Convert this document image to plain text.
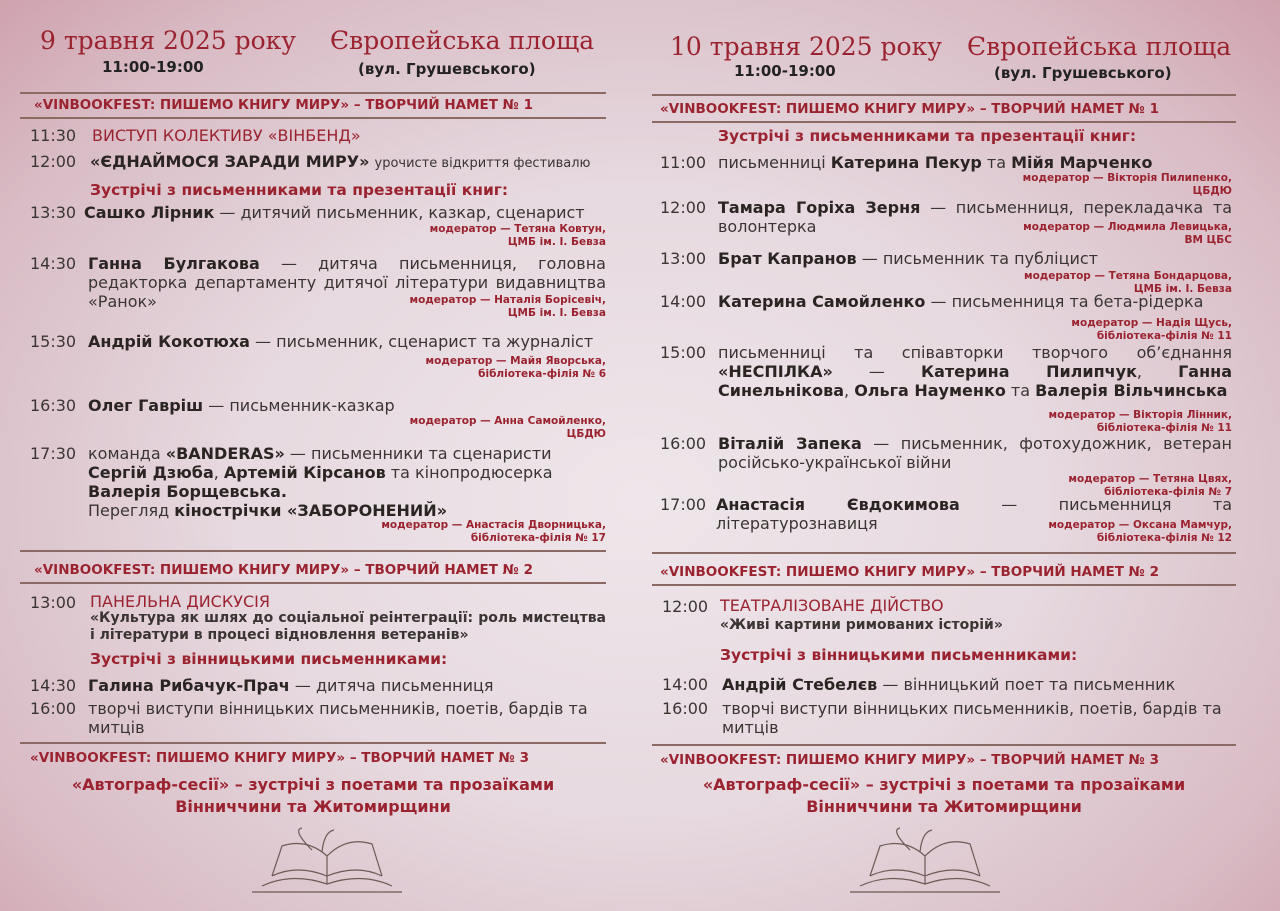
9 травня 2025 року Європейська площа
11:00-19:00	(вул. Грушевського)
«VINBOOKFEST: ПИШЕМО КНИГУ МИРУ» – ТВОРЧИЙ НАМЕТ № 1
11:30 ВИСТУП КОЛЕКТИВУ «ВІНБЕНД»
12:00 «ЄДНАЙМОСЯ ЗАРАДИ МИРУ» урочисте відкриття фестивалю
Зустрічі з письменниками та презентації книг:
13:30 Сашко Лірник — дитячий письменник, казкар, сценарист
модератор — Тетяна Ковтун,
ЦМБ ім. І. Бевза
14:30 Ганна Булгакова — дитяча письменниця, головна редакторка департаменту дитячої літератури видавництва «Ранок»	модератор — Наталія Борісевіч,
ЦМБ ім. І. Бевза
15:30 Андрій Кокотюха — письменник, сценарист та журналіст
модератор — Майя Яворська,
бібліотека-філія № 6
16:30 Олег Гавріш — письменник-казкар
модератор — Анна Самойленко,
ЦБДЮ
17:30 команда «BANDERAS» — письменники та сценаристи Сергій Дзюба, Артемій Кірсанов та кінопродюсерка Валерія Борщевська.
Перегляд кінострічки «ЗАБОРОНЕНИЙ»
модератор — Анастасія Дворницька,
бібліотека-філія № 17
«VINBOOKFEST: ПИШЕМО КНИГУ МИРУ» – ТВОРЧИЙ НАМЕТ № 2
13:00 ПАНЕЛЬНА ДИСКУСІЯ
«Культура як шлях до соціальної реінтеграції: роль мистецтва і літератури в процесі відновлення ветеранів»
Зустрічі з вінницькими письменниками:
14:30 Галина Рибачук-Прач — дитяча письменниця
16:00 творчі виступи вінницьких письменників, поетів, бардів та митців
«VINBOOKFEST: ПИШЕМО КНИГУ МИРУ» – ТВОРЧИЙ НАМЕТ № 3
«Автограф-сесії» – зустрічі з поетами та прозаїками
Вінниччини та Житомирщини
10 травня 2025 року Європейська площа
11:00-19:00	(вул. Грушевського)
«VINBOOKFEST: ПИШЕМО КНИГУ МИРУ» – ТВОРЧИЙ НАМЕТ № 1
Зустрічі з письменниками та презентації книг:
11:00 письменниці Катерина Пекур та Мійя Марченко
модератор — Вікторія Пилипенко,
ЦБДЮ
12:00 Тамара Горіха Зерня — письменниця, перекладачка та волонтерка	модератор — Людмила Левицька,
ВМ ЦБС
13:00 Брат Капранов — письменник та публіцист
модератор — Тетяна Бондарцова,
ЦМБ ім. І. Бевза
14:00 Катерина Самойленко — письменниця та бета-рідерка
модератор — Надія Щусь,
бібліотека-філія № 11
15:00 письменниці та співавторки творчого об’єднання «НЕСПІЛКА» — Катерина Пилипчук, Ганна Синельнікова, Ольга Науменко та Валерія Вільчинська
модератор — Вікторія Лінник,
бібліотека-філія № 11
16:00 Віталій Запека — письменник, фотохудожник, ветеран російсько-української війни
модератор — Тетяна Цвях,
бібліотека-філія № 7
17:00 Анастасія Євдокимова — письменниця та літературознавиця	модератор — Оксана Мамчур,
бібліотека-філія № 12
«VINBOOKFEST: ПИШЕМО КНИГУ МИРУ» – ТВОРЧИЙ НАМЕТ № 2
12:00 ТЕАТРАЛІЗОВАНЕ ДІЙСТВО
«Живі картини римованих історій»
Зустрічі з вінницькими письменниками:
14:00 Андрій Стебелєв — вінницький поет та письменник
16:00 творчі виступи вінницьких письменників, поетів, бардів та митців
«VINBOOKFEST: ПИШЕМО КНИГУ МИРУ» – ТВОРЧИЙ НАМЕТ № 3
«Автограф-сесії» – зустрічі з поетами та прозаїками
Вінниччини та Житомирщини
